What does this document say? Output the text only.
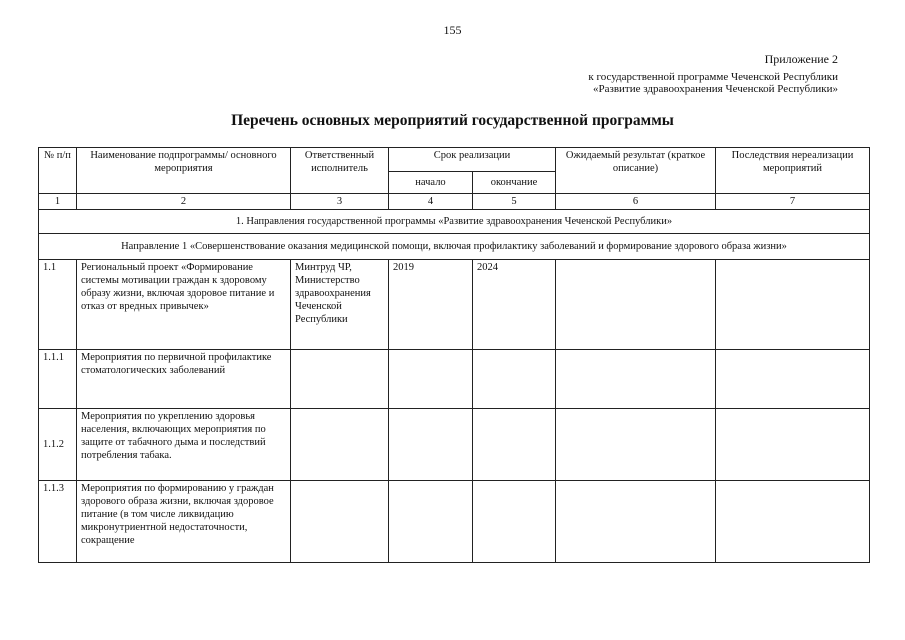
155
Приложение 2
к государственной программе Чеченской Республики
«Развитие здравоохранения Чеченской Республики»
Перечень основных мероприятий государственной программы
№ п/п	Наименование подпрограммы/ основного мероприятия	Ответственный исполнитель	Срок реализации		Ожидаемый результат (краткое описание)	Последствия нереализации мероприятий
			начало	окончание		
1	2	3	4	5	6	7
1. Направления государственной программы «Развитие здравоохранения Чеченской Республики»						
Направление 1 «Совершенствование оказания медицинской помощи, включая профилактику заболеваний и формирование здорового образа жизни»						
1.1	Региональный проект «Формирование системы мотивации граждан к здоровому образу жизни, включая здоровое питание и отказ от вредных привычек»	Минтруд ЧР, Министерство здравоохранения Чеченской Республики	2019	2024		
1.1.1	Мероприятия по первичной профилактике стоматологических заболеваний					
1.1.2	Мероприятия по укреплению здоровья населения, включающих мероприятия по защите от табачного дыма и последствий потребления табака.					
1.1.3	Мероприятия по формированию у граждан здорового образа жизни, включая здоровое питание (в том числе ликвидацию микронутриентной недостаточности, сокращение					
